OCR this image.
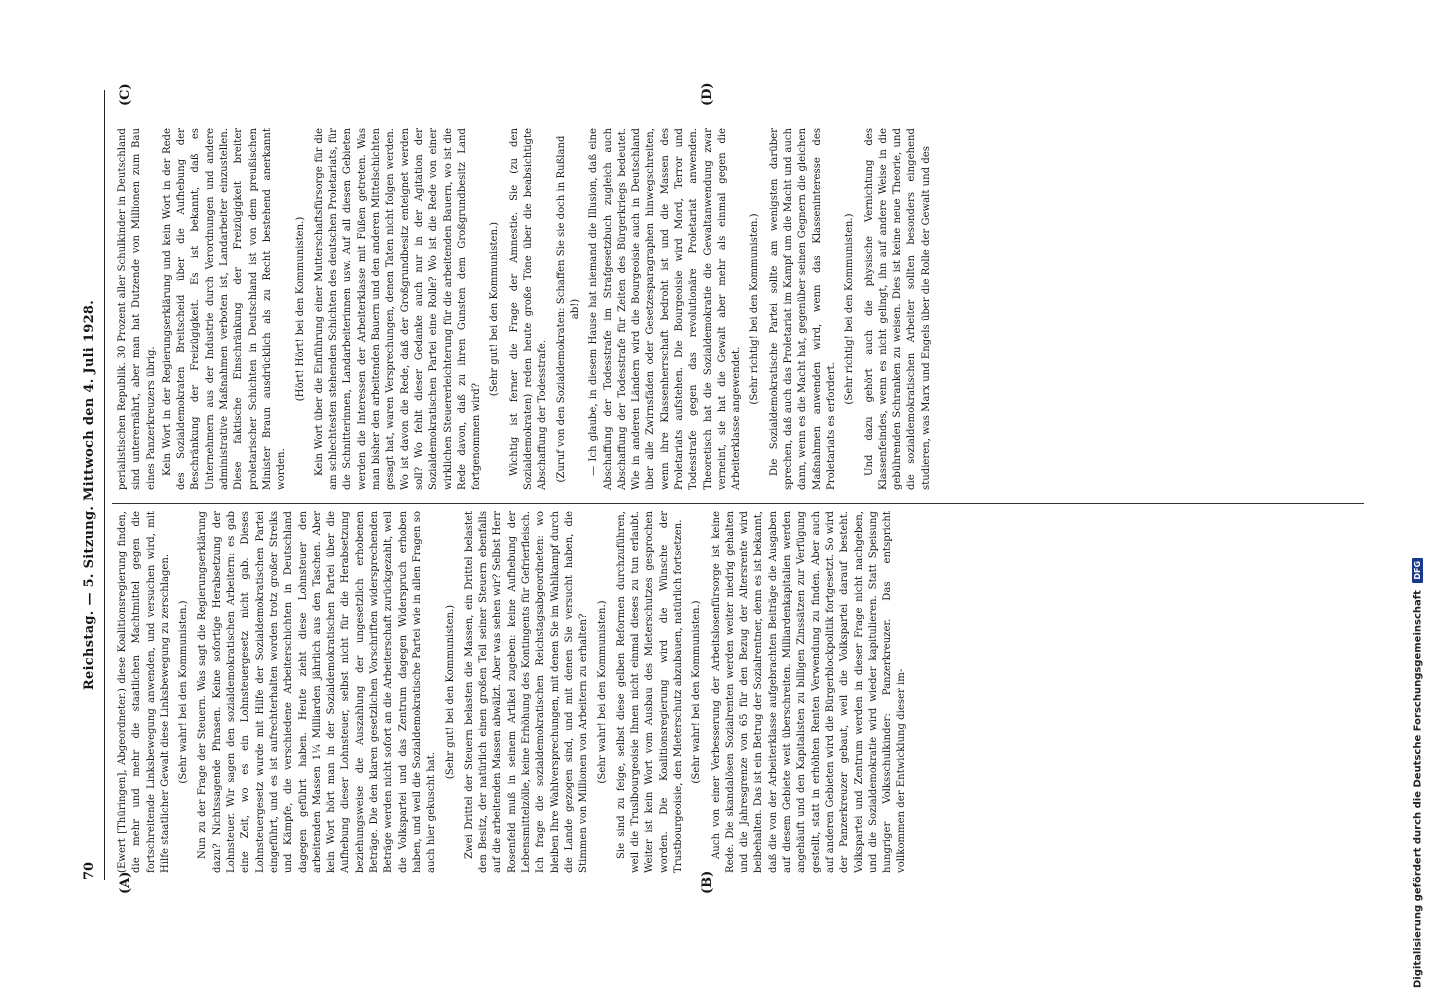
70
Reichstag. — 5. Sitzung. Mittwoch den 4. Juli 1928.
(A)	(B)
(C)	(D)

(Ewert [Thüringen], Abgeordneter.) diese Koalitionsregierung finden, die mehr und mehr die staatlichen Machtmittel gegen die fortschreitende Linksbewegung anwenden, und versuchen wird, mit Hilfe staatlicher Gewalt diese Linksbewegung zu zerschlagen. (Sehr wahr! bei den Kommunisten.) Nun zu der Frage der Steuern. Was sagt die Regierungserklärung dazu? Nichtssagende Phrasen. Keine sofortige Herabsetzung der Lohnsteuer. Wir sagen den sozialdemokratischen Arbeitern: es gab eine Zeit, wo es ein Lohnsteuergesetz nicht gab. Dieses Lohnsteuergesetz wurde mit Hilfe der Sozialdemokratischen Partei eingeführt, und es ist aufrechterhalten worden trotz großer Streiks und Kämpfe, die verschiedene Arbeiterschichten in Deutschland dagegen geführt haben. Heute zieht diese Lohnsteuer den arbeitenden Massen 1¼ Milliarden jährlich aus den Taschen. Aber kein Wort hört man in der Sozialdemokratischen Partei über die Aufhebung dieser Lohnsteuer, selbst nicht für die Herabsetzung beziehungsweise die Auszahlung der ungesetzlich erhobenen Beträge. Die den klaren gesetzlichen Vorschriften widersprechenden Beträge werden nicht sofort an die Arbeiterschaft zurückgezahlt, weil die Volkspartei und das Zentrum dagegen Widerspruch erhoben haben, und weil die Sozialdemokratische Partei wie in allen Fragen so auch hier gekuscht hat.

(Sehr gut! bei den Kommunisten.) Zwei Drittel der Steuern belasten die Massen, ein Drittel belastet den Besitz, der natürlich einen großen Teil seiner Steuern ebenfalls auf die arbeitenden Massen abwälzt. Aber was sehen wir? Selbst Herr Rosenfeld muß in seinem Artikel zugeben: keine Aufhebung der Lebensmittelzölle, keine Erhöhung des Kontingents für Gefrierfleisch. Ich frage die sozialdemokratischen Reichstagsabgeordneten: wo bleiben Ihre Wahlversprechungen, mit denen Sie im Wahlkampf durch die Lande gezogen sind, und mit denen Sie versucht haben, die Stimmen von Millionen von Arbeitern zu erhalten? (Sehr wahr! bei den Kommunisten.) Sie sind zu feige, selbst diese gelben Reformen durchzuführen, weil die Truslbourgeoisie Ihnen nicht einmal dieses zu tun erlaubt. Weiter ist kein Wort vom Ausbau des Mieterschutzes gesprochen worden. Die Koalitionsregierung wird die Wünsche der Trustbourgeoisie, den Mieterschutz abzubauen, natürlich fortsetzen. (Sehr wahr! bei den Kommunisten.) Auch von einer Verbesserung der Arbeitslosenfürsorge ist keine Rede. Die skandalösen Sozialrenten werden weiter niedrig gehalten und die Jahresgrenze von 65 für den Bezug der Altersrente wird beibehalten. Das ist ein Betrug der Sozialrentner, denn es ist bekannt, daß die von der Arbeiterklasse aufgebrachten Beiträge die Ausgaben auf diesem Gebiete weit überschreiten. Milliardenkapitalien werden angehäuft und den Kapitalisten zu billigen Zinssätzen zur Verfügung gestellt, statt in erhöhten Renten Verwendung zu finden. Aber auch auf anderen Gebieten wird die Bürgerblockpolitik fortgesetzt. So wird der Panzerkreuzer gebaut, weil die Volkspartei darauf besteht. Volkspartei und Zentrum werden in dieser Frage nicht nachgeben, und die Sozialdemokratie wird wieder kapitulieren. Statt Speisung hungriger Volksschulkinder: Panzerkreuzer. Das entspricht vollkommen der Entwicklung dieser im-

perialistischen Republik. 30 Prozent aller Schulkinder in Deutschland sind unterernährt, aber man hat Dutzende von Millionen zum Bau eines Panzerkreuzers übrig. Kein Wort in der Regierungserklärung und kein Wort in der Rede des Sozialdemokraten Breitscheid über die Aufhebung der Beschränkung der Freizügigkeit. Es ist bekannt, daß es Unternehmern aus der Industrie durch Verordnungen und andere administrative Maßnahmen verboten ist, Landarbeiter einzustellen. Diese faktische Einschränkung der Freizügigkeit breiter proletarischer Schichten in Deutschland ist von dem preußischen Minister Braun ausdrücklich als zu Recht bestehend anerkannt worden.

(Hört! Hört! bei den Kommunisten.) Kein Wort über die Einführung einer Mutterschaftsfürsorge für die am schlechtesten stehenden Schichten des deutschen Proletariats, für die Schnitterinnen, Landarbeiterinnen usw. Auf all diesen Gebieten werden die Interessen der Arbeiterklasse mit Füßen getreten. Was man bisher den arbeitenden Bauern und den anderen Mittelschichten gesagt hat, waren Versprechungen, denen Taten nicht folgen werden. Wo ist davon die Rede, daß der Großgrundbesitz enteignet werden soll? Wo fehlt dieser Gedanke auch nur in der Agitation der Sozialdemokratischen Partei eine Rolle? Wo ist die Rede von einer wirklichen Steuererleichterung für die arbeitenden Bauern, wo ist die Rede davon, daß zu ihren Gunsten dem Großgrundbesitz Land fortgenommen wird?

(Sehr gut! bei den Kommunisten.) Wichtig ist ferner die Frage der Amnestie. Sie (zu den Sozialdemokraten) reden heute große Töne über die beabsichtigte Abschaffung der Todesstrafe. (Zuruf von den Sozialdemokraten: Schaffen Sie sie doch in Rußland ab!) — Ich glaube, in diesem Hause hat niemand die Illusion, daß eine Abschaffung der Todesstrafe im Strafgesetzbuch zugleich auch Abschaffung der Todesstrafe für Zeiten des Bürgerkriegs bedeutet. Wie in anderen Ländern wird die Bourgeoisie auch in Deutschland über alle Zwirnsfäden oder Gesetzesparagraphen hinwegschreiten, wenn ihre Klassenherrschaft bedroht ist und die Massen des Proletariats aufstehen. Die Bourgeoisie wird Mord, Terror und Todesstrafe gegen das revolutionäre Proletariat anwenden. Theoretisch hat die Sozialdemokratie die Gewaltanwendung zwar verneint, sie hat die Gewalt aber mehr als einmal gegen die Arbeiterklasse angewendet.

(Sehr richtig! bei den Kommunisten.) Die Sozialdemokratische Partei sollte am wenigsten darüber sprechen, daß auch das Proletariat im Kampf um die Macht und auch dann, wenn es die Macht hat, gegenüber seinen Gegnern die gleichen Maßnahmen anwenden wird, wenn das Klasseninteresse des Proletariats es erfordert.

(Sehr richtig! bei den Kommunisten.) Und dazu gehört auch die physische Vernichtung des Klassenfeindes, wenn es nicht gelingt, ihn auf andere Weise in die gebührenden Schranken zu weisen. Dies ist keine neue Theorie, und die sozialdemokratischen Arbeiter sollten besonders eingehend studieren, was Marx und Engels über die Rolle der Gewalt und des

Digitalisierung gefördert durch die Deutsche Forschungsgemeinschaft DFG
